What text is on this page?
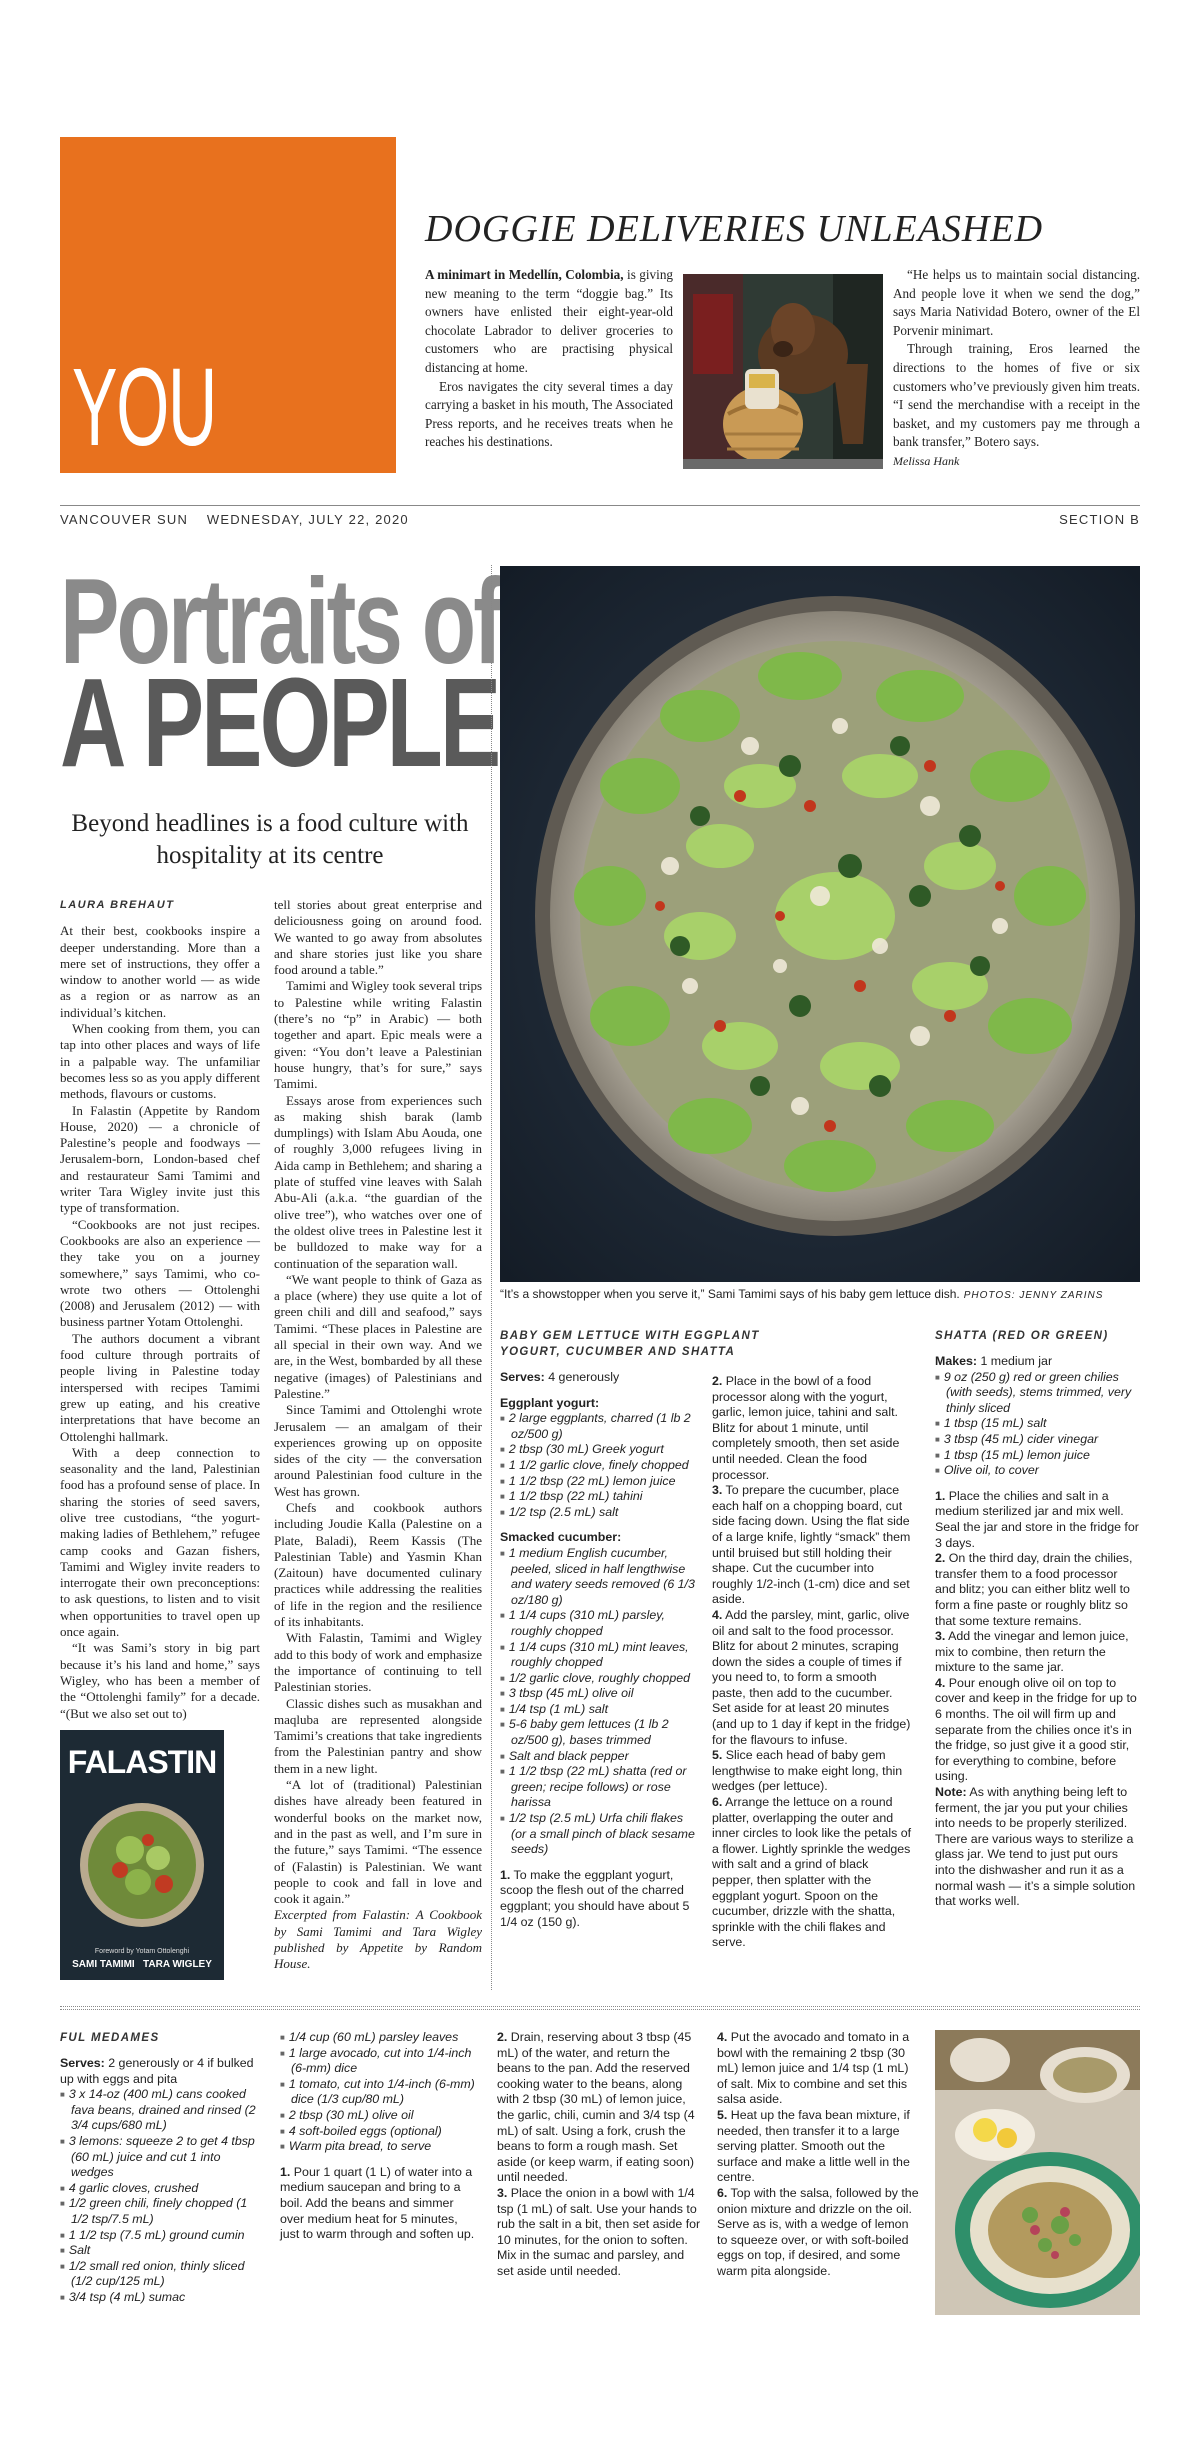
YOU
DOGGIE DELIVERIES UNLEASHED

A minimart in Medellín, Colombia, is giving new meaning to the term “doggie bag.” Its owners have enlisted their eight-year-old chocolate Labrador to deliver groceries to customers who are practising physical distancing at home.

Eros navigates the city several times a day carrying a basket in his mouth, The Associated Press reports, and he receives treats when he reaches his destinations.

“He helps us to maintain social distancing. And people love it when we send the dog,” says Maria Natividad Botero, owner of the El Porvenir minimart.

Through training, Eros learned the directions to the homes of five or six customers who’ve previously given him treats. “I send the merchandise with a receipt in the basket, and my customers pay me through a bank transfer,” Botero says.

Melissa Hank
VANCOUVER SUN WEDNESDAY, JULY 22, 2020	SECTION B
Portraits of
A PEOPLE
Beyond headlines is a food culture with hospitality at its centre
LAURA BREHAUT

At their best, cookbooks inspire a deeper understanding. More than a mere set of instructions, they offer a window to another world — as wide as a region or as narrow as an individual’s kitchen.

When cooking from them, you can tap into other places and ways of life in a palpable way. The unfamiliar becomes less so as you apply different methods, flavours or customs.

In Falastin (Appetite by Random House, 2020) — a chronicle of Palestine’s people and foodways — Jerusalem-born, London-based chef and restaurateur Sami Tamimi and writer Tara Wigley invite just this type of transformation.

“Cookbooks are not just recipes. Cookbooks are also an experience — they take you on a journey somewhere,” says Tamimi, who co-wrote two others — Ottolenghi (2008) and Jerusalem (2012) — with business partner Yotam Ottolenghi.

The authors document a vibrant food culture through portraits of people living in Palestine today interspersed with recipes Tamimi grew up eating, and his creative interpretations that have become an Ottolenghi hallmark.

With a deep connection to seasonality and the land, Palestinian food has a profound sense of place. In sharing the stories of seed savers, olive tree custodians, “the yogurt-making ladies of Bethlehem,” refugee camp cooks and Gazan fishers, Tamimi and Wigley invite readers to interrogate their own preconceptions: to ask questions, to listen and to visit when opportunities to travel open up once again.

“It was Sami’s story in big part because it’s his land and home,” says Wigley, who has been a member of the “Ottolenghi family” for a decade. “(But we also set out to)

tell stories about great enterprise and deliciousness going on around food. We wanted to go away from absolutes and share stories just like you share food around a table.”

Tamimi and Wigley took several trips to Palestine while writing Falastin (there’s no “p” in Arabic) — both together and apart. Epic meals were a given: “You don’t leave a Palestinian house hungry, that’s for sure,” says Tamimi.

Essays arose from experiences such as making shish barak (lamb dumplings) with Islam Abu Aouda, one of roughly 3,000 refugees living in Aida camp in Bethlehem; and sharing a plate of stuffed vine leaves with Salah Abu-Ali (a.k.a. “the guardian of the olive tree”), who watches over one of the oldest olive trees in Palestine lest it be bulldozed to make way for a continuation of the separation wall.

“We want people to think of Gaza as a place (where) they use quite a lot of green chili and dill and seafood,” says Tamimi. “These places in Palestine are all special in their own way. And we are, in the West, bombarded by all these negative (images) of Palestinians and Palestine.”

Since Tamimi and Ottolenghi wrote Jerusalem — an amalgam of their experiences growing up on opposite sides of the city — the conversation around Palestinian food culture in the West has grown.

Chefs and cookbook authors including Joudie Kalla (Palestine on a Plate, Baladi), Reem Kassis (The Palestinian Table) and Yasmin Khan (Zaitoun) have documented culinary practices while addressing the realities of life in the region and the resilience of its inhabitants.

With Falastin, Tamimi and Wigley add to this body of work and emphasize the importance of continuing to tell Palestinian stories.

Classic dishes such as musakhan and maqluba are represented alongside Tamimi’s creations that take ingredients from the Palestinian pantry and show them in a new light.

“A lot of (traditional) Palestinian dishes have already been featured in wonderful books on the market now, and in the past as well, and I’m sure in the future,” says Tamimi. “The essence of (Falastin) is Palestinian. We want people to cook and fall in love and cook it again.”

Excerpted from Falastin: A Cookbook by Sami Tamimi and Tara Wigley published by Appetite by Random House.

FALASTIN
Foreword by Yotam Ottolenghi
SAMI TAMIMI   TARA WIGLEY
“It’s a showstopper when you serve it,” Sami Tamimi says of his baby gem lettuce dish. PHOTOS: JENNY ZARINS
BABY GEM LETTUCE WITH EGGPLANT YOGURT, CUCUMBER AND SHATTA
Serves: 4 generously
Eggplant yogurt:
■ 2 large eggplants, charred (1 lb 2 oz/500 g)
■ 2 tbsp (30 mL) Greek yogurt
■ 1 1/2 garlic clove, finely chopped
■ 1 1/2 tbsp (22 mL) lemon juice
■ 1 1/2 tbsp (22 mL) tahini
■ 1/2 tsp (2.5 mL) salt
Smacked cucumber:
■ 1 medium English cucumber, peeled, sliced in half lengthwise and watery seeds removed (6 1/3 oz/180 g)
■ 1 1/4 cups (310 mL) parsley, roughly chopped
■ 1 1/4 cups (310 mL) mint leaves, roughly chopped
■ 1/2 garlic clove, roughly chopped
■ 3 tbsp (45 mL) olive oil
■ 1/4 tsp (1 mL) salt
■ 5-6 baby gem lettuces (1 lb 2 oz/500 g), bases trimmed
■ Salt and black pepper
■ 1 1/2 tbsp (22 mL) shatta (red or green; recipe follows) or rose harissa
■ 1/2 tsp (2.5 mL) Urfa chili flakes (or a small pinch of black sesame seeds)

1. To make the eggplant yogurt, scoop the flesh out of the charred eggplant; you should have about 5 1/4 oz (150 g).

2. Place in the bowl of a food processor along with the yogurt, garlic, lemon juice, tahini and salt. Blitz for about 1 minute, until completely smooth, then set aside until needed. Clean the food processor.

3. To prepare the cucumber, place each half on a chopping board, cut side facing down. Using the flat side of a large knife, lightly “smack” them until bruised but still holding their shape. Cut the cucumber into roughly 1/2-inch (1-cm) dice and set aside.

4. Add the parsley, mint, garlic, olive oil and salt to the food processor. Blitz for about 2 minutes, scraping down the sides a couple of times if you need to, to form a smooth paste, then add to the cucumber. Set aside for at least 20 minutes (and up to 1 day if kept in the fridge) for the flavours to infuse.

5. Slice each head of baby gem lengthwise to make eight long, thin wedges (per lettuce).

6. Arrange the lettuce on a round platter, overlapping the outer and inner circles to look like the petals of a flower. Lightly sprinkle the wedges with salt and a grind of black pepper, then splatter with the eggplant yogurt. Spoon on the cucumber, drizzle with the shatta, sprinkle with the chili flakes and serve.

SHATTA (RED OR GREEN)
Makes: 1 medium jar
■ 9 oz (250 g) red or green chilies (with seeds), stems trimmed, very thinly sliced
■ 1 tbsp (15 mL) salt
■ 3 tbsp (45 mL) cider vinegar
■ 1 tbsp (15 mL) lemon juice
■ Olive oil, to cover

1. Place the chilies and salt in a medium sterilized jar and mix well. Seal the jar and store in the fridge for 3 days.

2. On the third day, drain the chilies, transfer them to a food processor and blitz; you can either blitz well to form a fine paste or roughly blitz so that some texture remains.

3. Add the vinegar and lemon juice, mix to combine, then return the mixture to the same jar.

4. Pour enough olive oil on top to cover and keep in the fridge for up to 6 months. The oil will firm up and separate from the chilies once it’s in the fridge, so just give it a good stir, for everything to combine, before using.

Note: As with anything being left to ferment, the jar you put your chilies into needs to be properly sterilized. There are various ways to sterilize a glass jar. We tend to just put ours into the dishwasher and run it as a normal wash — it’s a simple solution that works well.

FUL MEDAMES
Serves: 2 generously or 4 if bulked up with eggs and pita
■ 3 x 14-oz (400 mL) cans cooked fava beans, drained and rinsed (2 3/4 cups/680 mL)
■ 3 lemons: squeeze 2 to get 4 tbsp (60 mL) juice and cut 1 into wedges
■ 4 garlic cloves, crushed
■ 1/2 green chili, finely chopped (1 1/2 tsp/7.5 mL)
■ 1 1/2 tsp (7.5 mL) ground cumin
■ Salt
■ 1/2 small red onion, thinly sliced (1/2 cup/125 mL)
■ 3/4 tsp (4 mL) sumac
■ 1/4 cup (60 mL) parsley leaves
■ 1 large avocado, cut into 1/4-inch (6-mm) dice
■ 1 tomato, cut into 1/4-inch (6-mm) dice (1/3 cup/80 mL)
■ 2 tbsp (30 mL) olive oil
■ 4 soft-boiled eggs (optional)
■ Warm pita bread, to serve

1. Pour 1 quart (1 L) of water into a medium saucepan and bring to a boil. Add the beans and simmer over medium heat for 5 minutes, just to warm through and soften up.

2. Drain, reserving about 3 tbsp (45 mL) of the water, and return the beans to the pan. Add the reserved cooking water to the beans, along with 2 tbsp (30 mL) of lemon juice, the garlic, chili, cumin and 3/4 tsp (4 mL) of salt. Using a fork, crush the beans to form a rough mash. Set aside (or keep warm, if eating soon) until needed.

3. Place the onion in a bowl with 1/4 tsp (1 mL) of salt. Use your hands to rub the salt in a bit, then set aside for 10 minutes, for the onion to soften. Mix in the sumac and parsley, and set aside until needed.

4. Put the avocado and tomato in a bowl with the remaining 2 tbsp (30 mL) lemon juice and 1/4 tsp (1 mL) of salt. Mix to combine and set this salsa aside.

5. Heat up the fava bean mixture, if needed, then transfer it to a large serving platter. Smooth out the surface and make a little well in the centre.

6. Top with the salsa, followed by the onion mixture and drizzle on the oil. Serve as is, with a wedge of lemon to squeeze over, or with soft-boiled eggs on top, if desired, and some warm pita alongside.
